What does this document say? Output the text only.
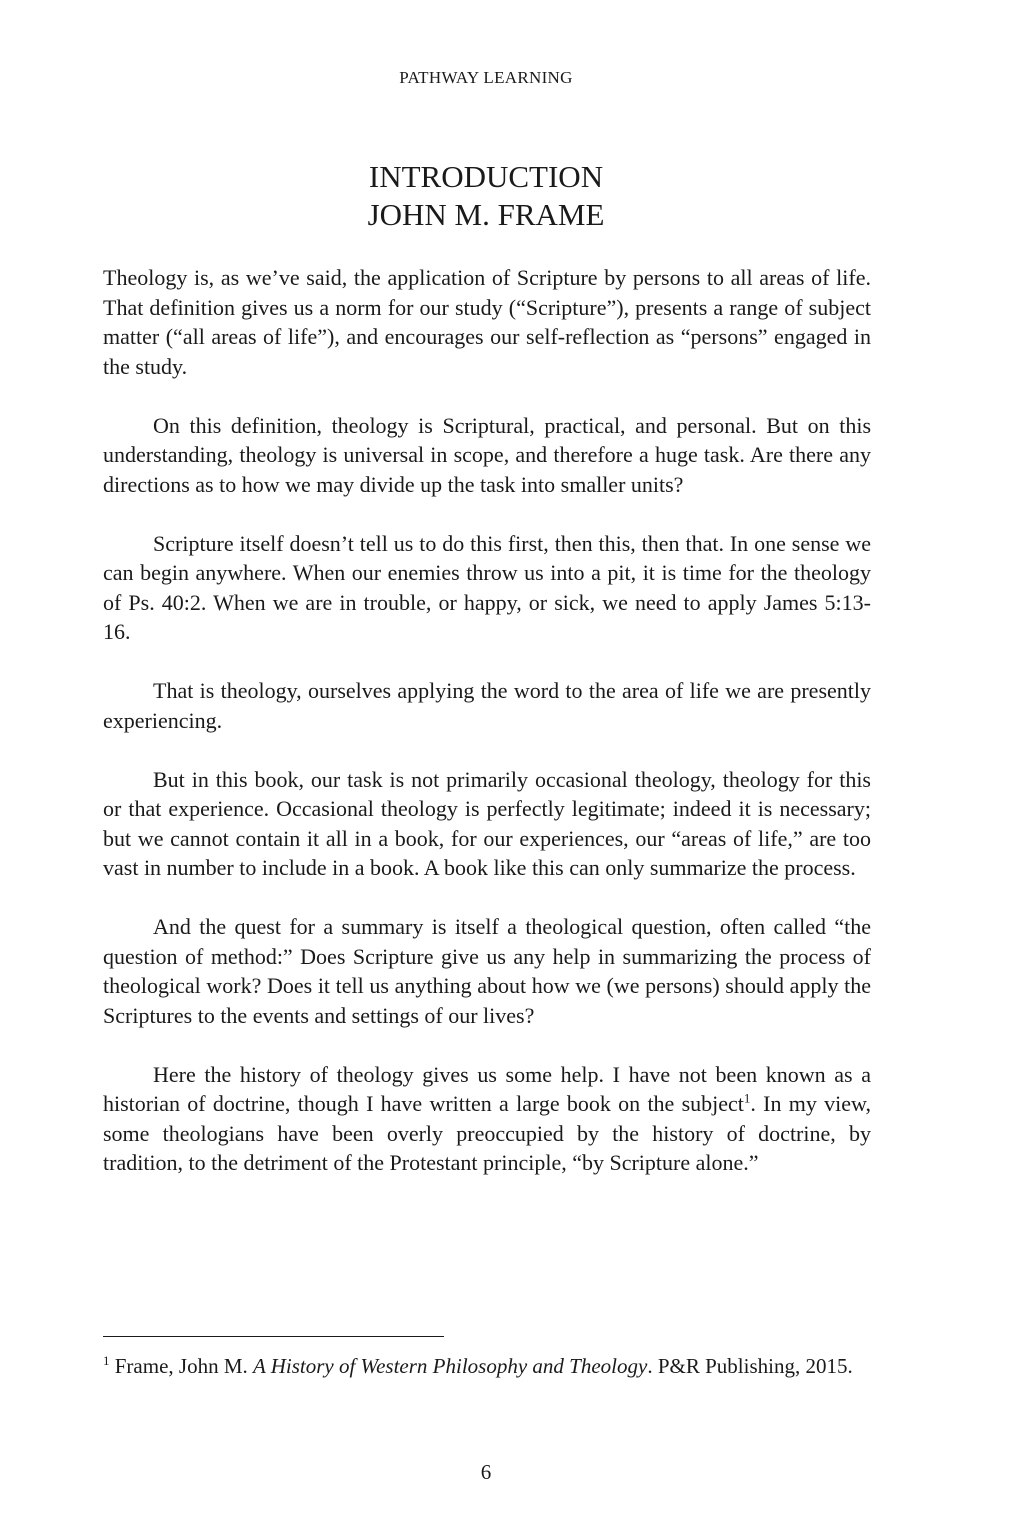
PATHWAY LEARNING
INTRODUCTION
JOHN M. FRAME

Theology is, as we’ve said, the application of Scripture by persons to all areas of life. That definition gives us a norm for our study (“Scripture”), presents a range of subject matter (“all areas of life”), and encourages our self-reflection as “persons” engaged in the study.

On this definition, theology is Scriptural, practical, and personal. But on this understanding, theology is universal in scope, and therefore a huge task. Are there any directions as to how we may divide up the task into smaller units?

Scripture itself doesn’t tell us to do this first, then this, then that. In one sense we can begin anywhere. When our enemies throw us into a pit, it is time for the theology of Ps. 40:2. When we are in trouble, or happy, or sick, we need to apply James 5:13-16.

That is theology, ourselves applying the word to the area of life we are presently experiencing.

But in this book, our task is not primarily occasional theology, theology for this or that experience. Occasional theology is perfectly legitimate; indeed it is necessary; but we cannot contain it all in a book, for our experiences, our “areas of life,” are too vast in number to include in a book. A book like this can only summarize the process.

And the quest for a summary is itself a theological question, often called “the question of method:” Does Scripture give us any help in summarizing the process of theological work? Does it tell us anything about how we (we persons) should apply the Scriptures to the events and settings of our lives?

Here the history of theology gives us some help. I have not been known as a historian of doctrine, though I have written a large book on the subject$^1$. In my view, some theologians have been overly preoccupied by the history of doctrine, by tradition, to the detriment of the Protestant principle, “by Scripture alone.”

$^1$ Frame, John M. A History of Western Philosophy and Theology. P&R Publishing, 2015.
6
